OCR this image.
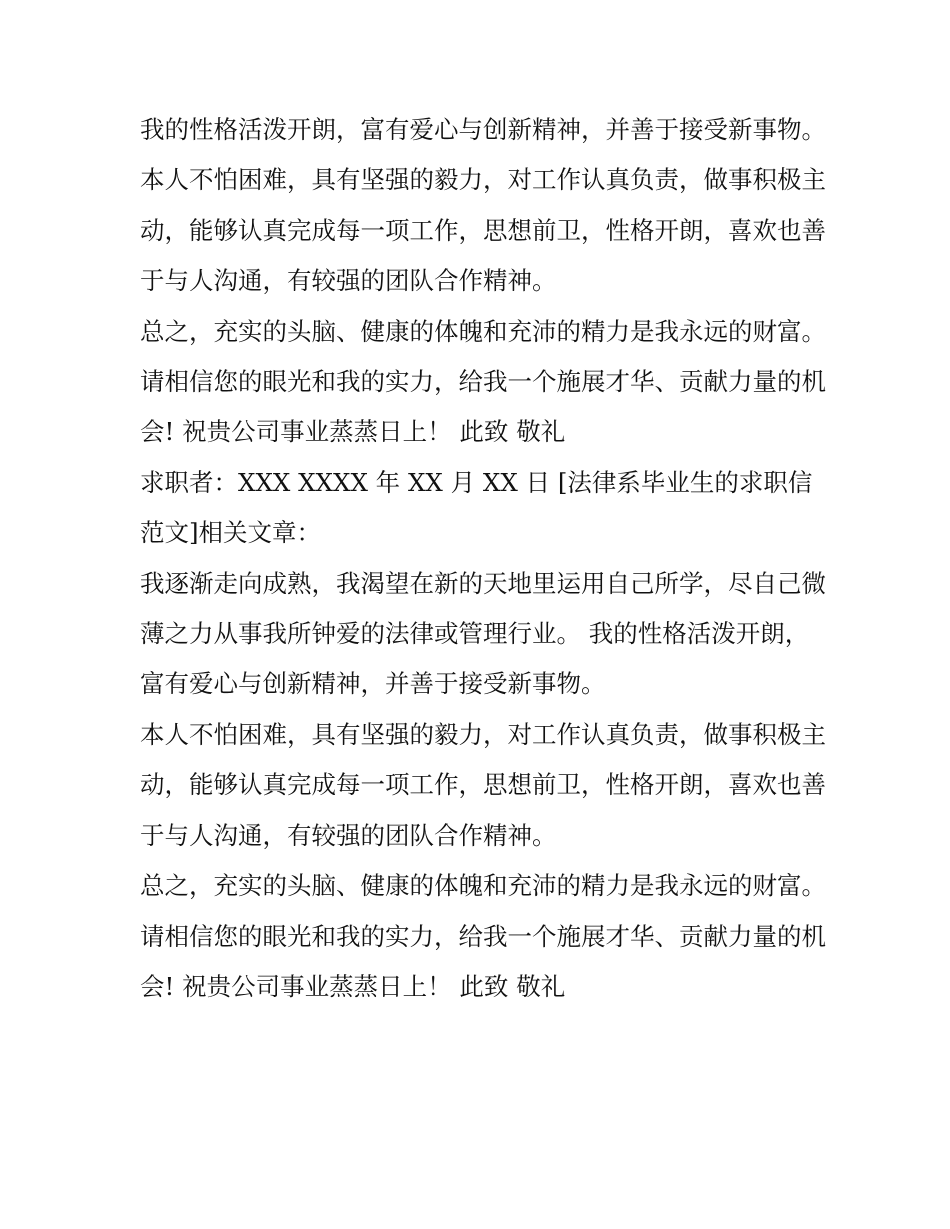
我的性格活泼开朗，富有爱心与创新精神，并善于接受新事物。

本人不怕困难，具有坚强的毅力，对工作认真负责，做事积极主动，能够认真完成每一项工作，思想前卫，性格开朗，喜欢也善于与人沟通，有较强的团队合作精神。

总之，充实的头脑、健康的体魄和充沛的精力是我永远的财富。请相信您的眼光和我的实力，给我一个施展才华、贡献力量的机会! 祝贵公司事业蒸蒸日上！ 此致 敬礼

求职者：XXX XXXX 年 XX 月 XX 日 [法律系毕业生的求职信范文]相关文章：

我逐渐走向成熟，我渴望在新的天地里运用自己所学，尽自己微薄之力从事我所钟爱的法律或管理行业。 我的性格活泼开朗，富有爱心与创新精神，并善于接受新事物。

本人不怕困难，具有坚强的毅力，对工作认真负责，做事积极主动，能够认真完成每一项工作，思想前卫，性格开朗，喜欢也善于与人沟通，有较强的团队合作精神。

总之，充实的头脑、健康的体魄和充沛的精力是我永远的财富。请相信您的眼光和我的实力，给我一个施展才华、贡献力量的机会! 祝贵公司事业蒸蒸日上！ 此致 敬礼
